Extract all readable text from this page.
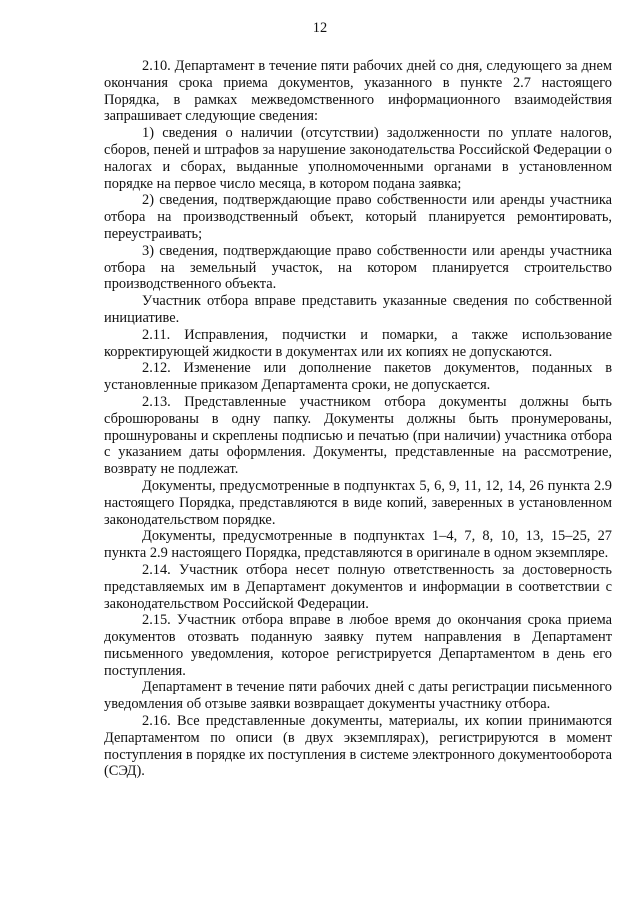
12

2.10. Департамент в течение пяти рабочих дней со дня, следующего за днем окончания срока приема документов, указанного в пункте 2.7 настоящего Порядка, в рамках межведомственного информационного взаимодействия запрашивает следующие сведения:

1) сведения о наличии (отсутствии) задолженности по уплате налогов, сборов, пеней и штрафов за нарушение законодательства Российской Федерации о налогах и сборах, выданные уполномоченными органами в установленном порядке на первое число месяца, в котором подана заявка;

2) сведения, подтверждающие право собственности или аренды участника отбора на производственный объект, который планируется ремонтировать, переустраивать;

3) сведения, подтверждающие право собственности или аренды участника отбора на земельный участок, на котором планируется строительство производственного объекта.

Участник отбора вправе представить указанные сведения по собственной инициативе.

2.11. Исправления, подчистки и помарки, а также использование корректирующей жидкости в документах или их копиях не допускаются.

2.12. Изменение или дополнение пакетов документов, поданных в установленные приказом Департамента сроки, не допускается.

2.13. Представленные участником отбора документы должны быть сброшюрованы в одну папку. Документы должны быть пронумерованы, прошнурованы и скреплены подписью и печатью (при наличии) участника отбора с указанием даты оформления. Документы, представленные на рассмотрение, возврату не подлежат.

Документы, предусмотренные в подпунктах 5, 6, 9, 11, 12, 14, 26 пункта 2.9 настоящего Порядка, представляются в виде копий, заверенных в установленном законодательством порядке.

Документы, предусмотренные в подпунктах 1–4, 7, 8, 10, 13, 15–25, 27 пункта 2.9 настоящего Порядка, представляются в оригинале в одном экземпляре.

2.14. Участник отбора несет полную ответственность за достоверность представляемых им в Департамент документов и информации в соответствии с законодательством Российской Федерации.

2.15. Участник отбора вправе в любое время до окончания срока приема документов отозвать поданную заявку путем направления в Департамент письменного уведомления, которое регистрируется Департаментом в день его поступления.

Департамент в течение пяти рабочих дней с даты регистрации письменного уведомления об отзыве заявки возвращает документы участнику отбора.

2.16. Все представленные документы, материалы, их копии принимаются Департаментом по описи (в двух экземплярах), регистрируются в момент поступления в порядке их поступления в системе электронного документооборота (СЭД).
